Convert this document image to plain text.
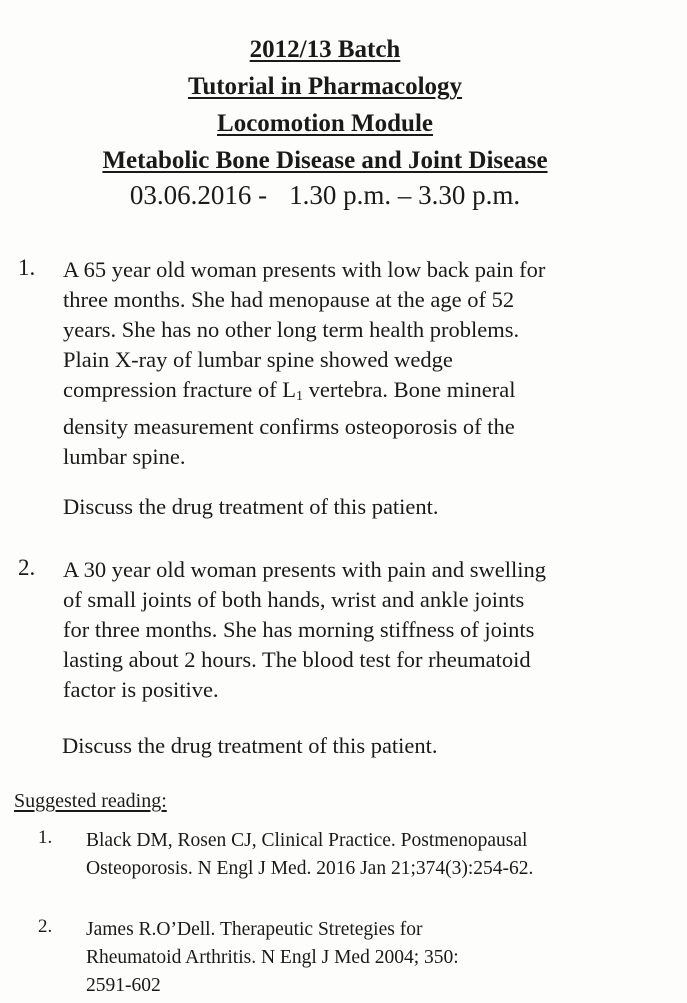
2012/13 Batch
Tutorial in Pharmacology
Locomotion Module
Metabolic Bone Disease and Joint Disease
03.06.2016 - 1.30 p.m. – 3.30 p.m.
1. A 65 year old woman presents with low back pain for
three months. She had menopause at the age of 52
years. She has no other long term health problems.
Plain X-ray of lumbar spine showed wedge
compression fracture of $L_1$ vertebra. Bone mineral
density measurement confirms osteoporosis of the
lumbar spine.

Discuss the drug treatment of this patient.
2. A 30 year old woman presents with pain and swelling
of small joints of both hands, wrist and ankle joints
for three months. She has morning stiffness of joints
lasting about 2 hours. The blood test for rheumatoid
factor is positive.

Discuss the drug treatment of this patient.
Suggested reading:
1. Black DM, Rosen CJ, Clinical Practice. Postmenopausal
Osteoporosis. N Engl J Med. 2016 Jan 21;374(3):254-62.

2. James R.O’Dell. Therapeutic Stretegies for
Rheumatoid Arthritis. N Engl J Med 2004; 350:
2591-602
